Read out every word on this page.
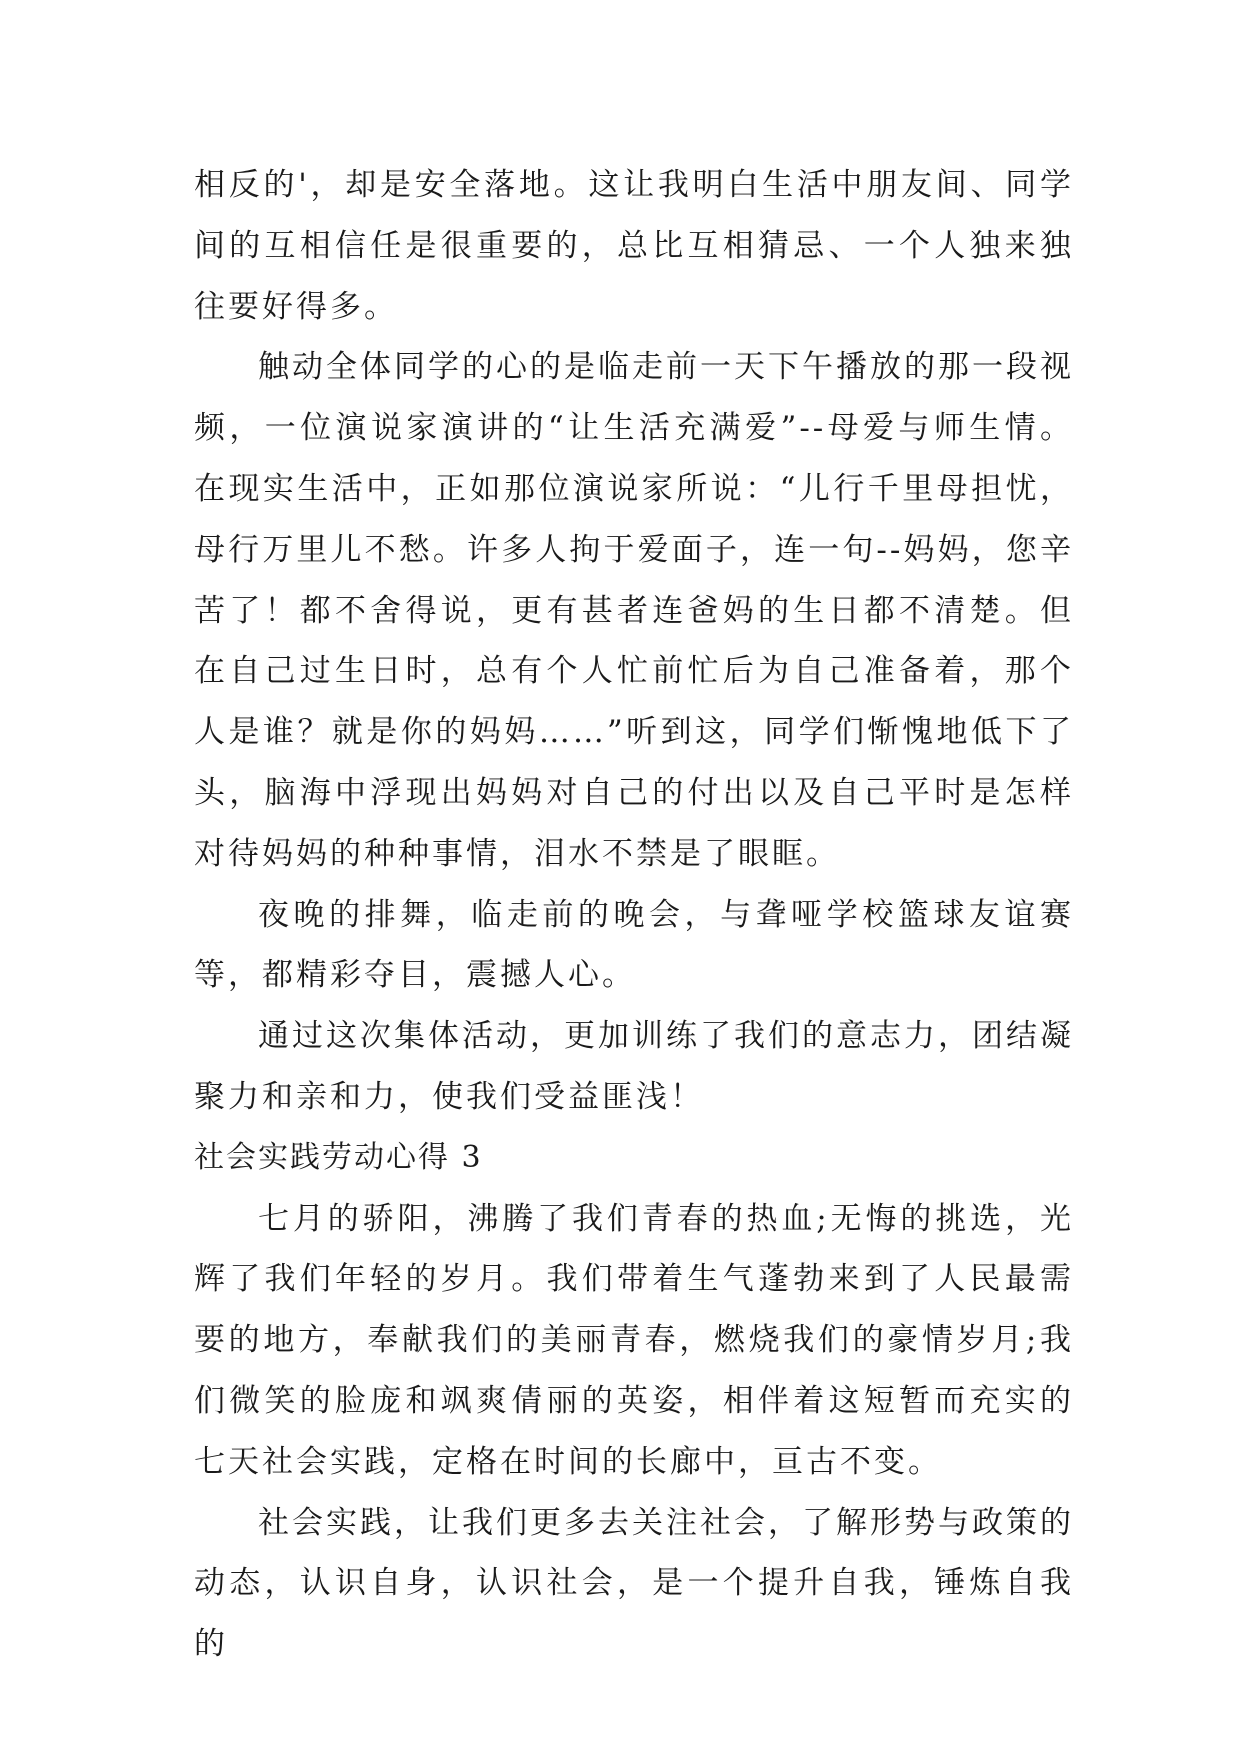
相反的'，却是安全落地。这让我明白生活中朋友间、同学间的互相信任是很重要的，总比互相猜忌、一个人独来独往要好得多。

触动全体同学的心的是临走前一天下午播放的那一段视频，一位演说家演讲的“让生活充满爱”--母爱与师生情。在现实生活中，正如那位演说家所说：“儿行千里母担忧，母行万里儿不愁。许多人拘于爱面子，连一句--妈妈，您辛苦了！都不舍得说，更有甚者连爸妈的生日都不清楚。但在自己过生日时，总有个人忙前忙后为自己准备着，那个人是谁？就是你的妈妈……”听到这，同学们惭愧地低下了头，脑海中浮现出妈妈对自己的付出以及自己平时是怎样对待妈妈的种种事情，泪水不禁是了眼眶。

夜晚的排舞，临走前的晚会，与聋哑学校篮球友谊赛等，都精彩夺目，震撼人心。

通过这次集体活动，更加训练了我们的意志力，团结凝聚力和亲和力，使我们受益匪浅！

社会实践劳动心得 3

七月的骄阳，沸腾了我们青春的热血;无悔的挑选，光辉了我们年轻的岁月。我们带着生气蓬勃来到了人民最需要的地方，奉献我们的美丽青春，燃烧我们的豪情岁月;我们微笑的脸庞和飒爽倩丽的英姿，相伴着这短暂而充实的七天社会实践，定格在时间的长廊中，亘古不变。

社会实践，让我们更多去关注社会，了解形势与政策的动态，认识自身，认识社会，是一个提升自我，锤炼自我的
